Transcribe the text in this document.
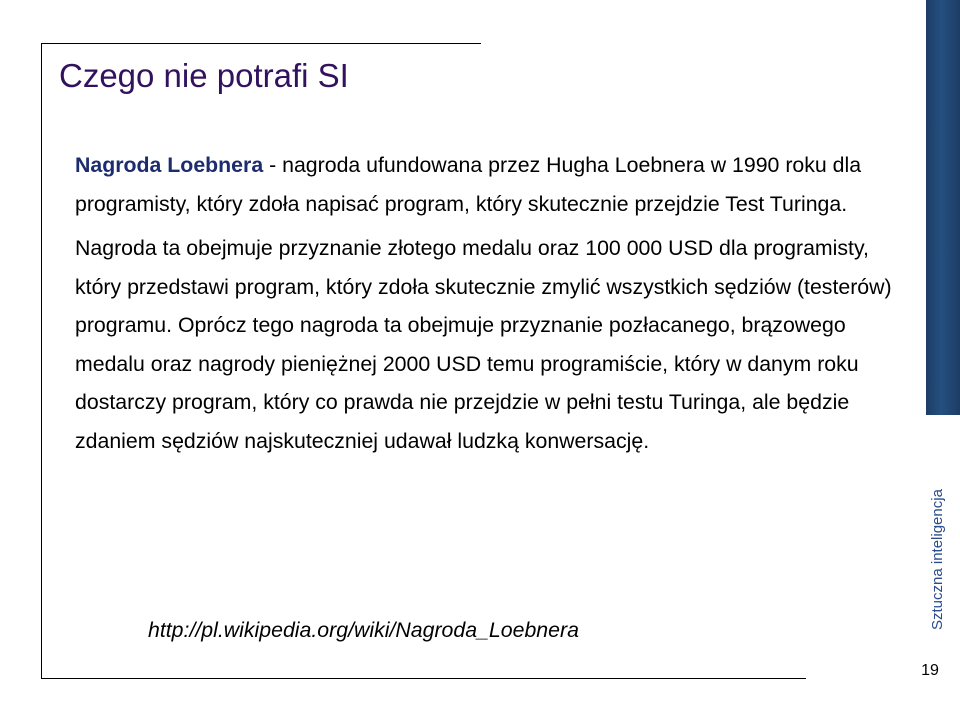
Sztuczna inteligencja
Czego nie potrafi SI

Nagroda Loebnera - nagroda ufundowana przez Hugha Loebnera w 1990 roku dla programisty, który zdoła napisać program, który skutecznie przejdzie Test Turinga.

Nagroda ta obejmuje przyznanie złotego medalu oraz 100 000 USD dla programisty, który przedstawi program, który zdoła skutecznie zmylić wszystkich sędziów (testerów) programu. Oprócz tego nagroda ta obejmuje przyznanie pozłacanego, brązowego medalu oraz nagrody pieniężnej 2000 USD temu programiście, który w danym roku dostarczy program, który co prawda nie przejdzie w pełni testu Turinga, ale będzie zdaniem sędziów najskuteczniej udawał ludzką konwersację.

http://pl.wikipedia.org/wiki/Nagroda_Loebnera
19
